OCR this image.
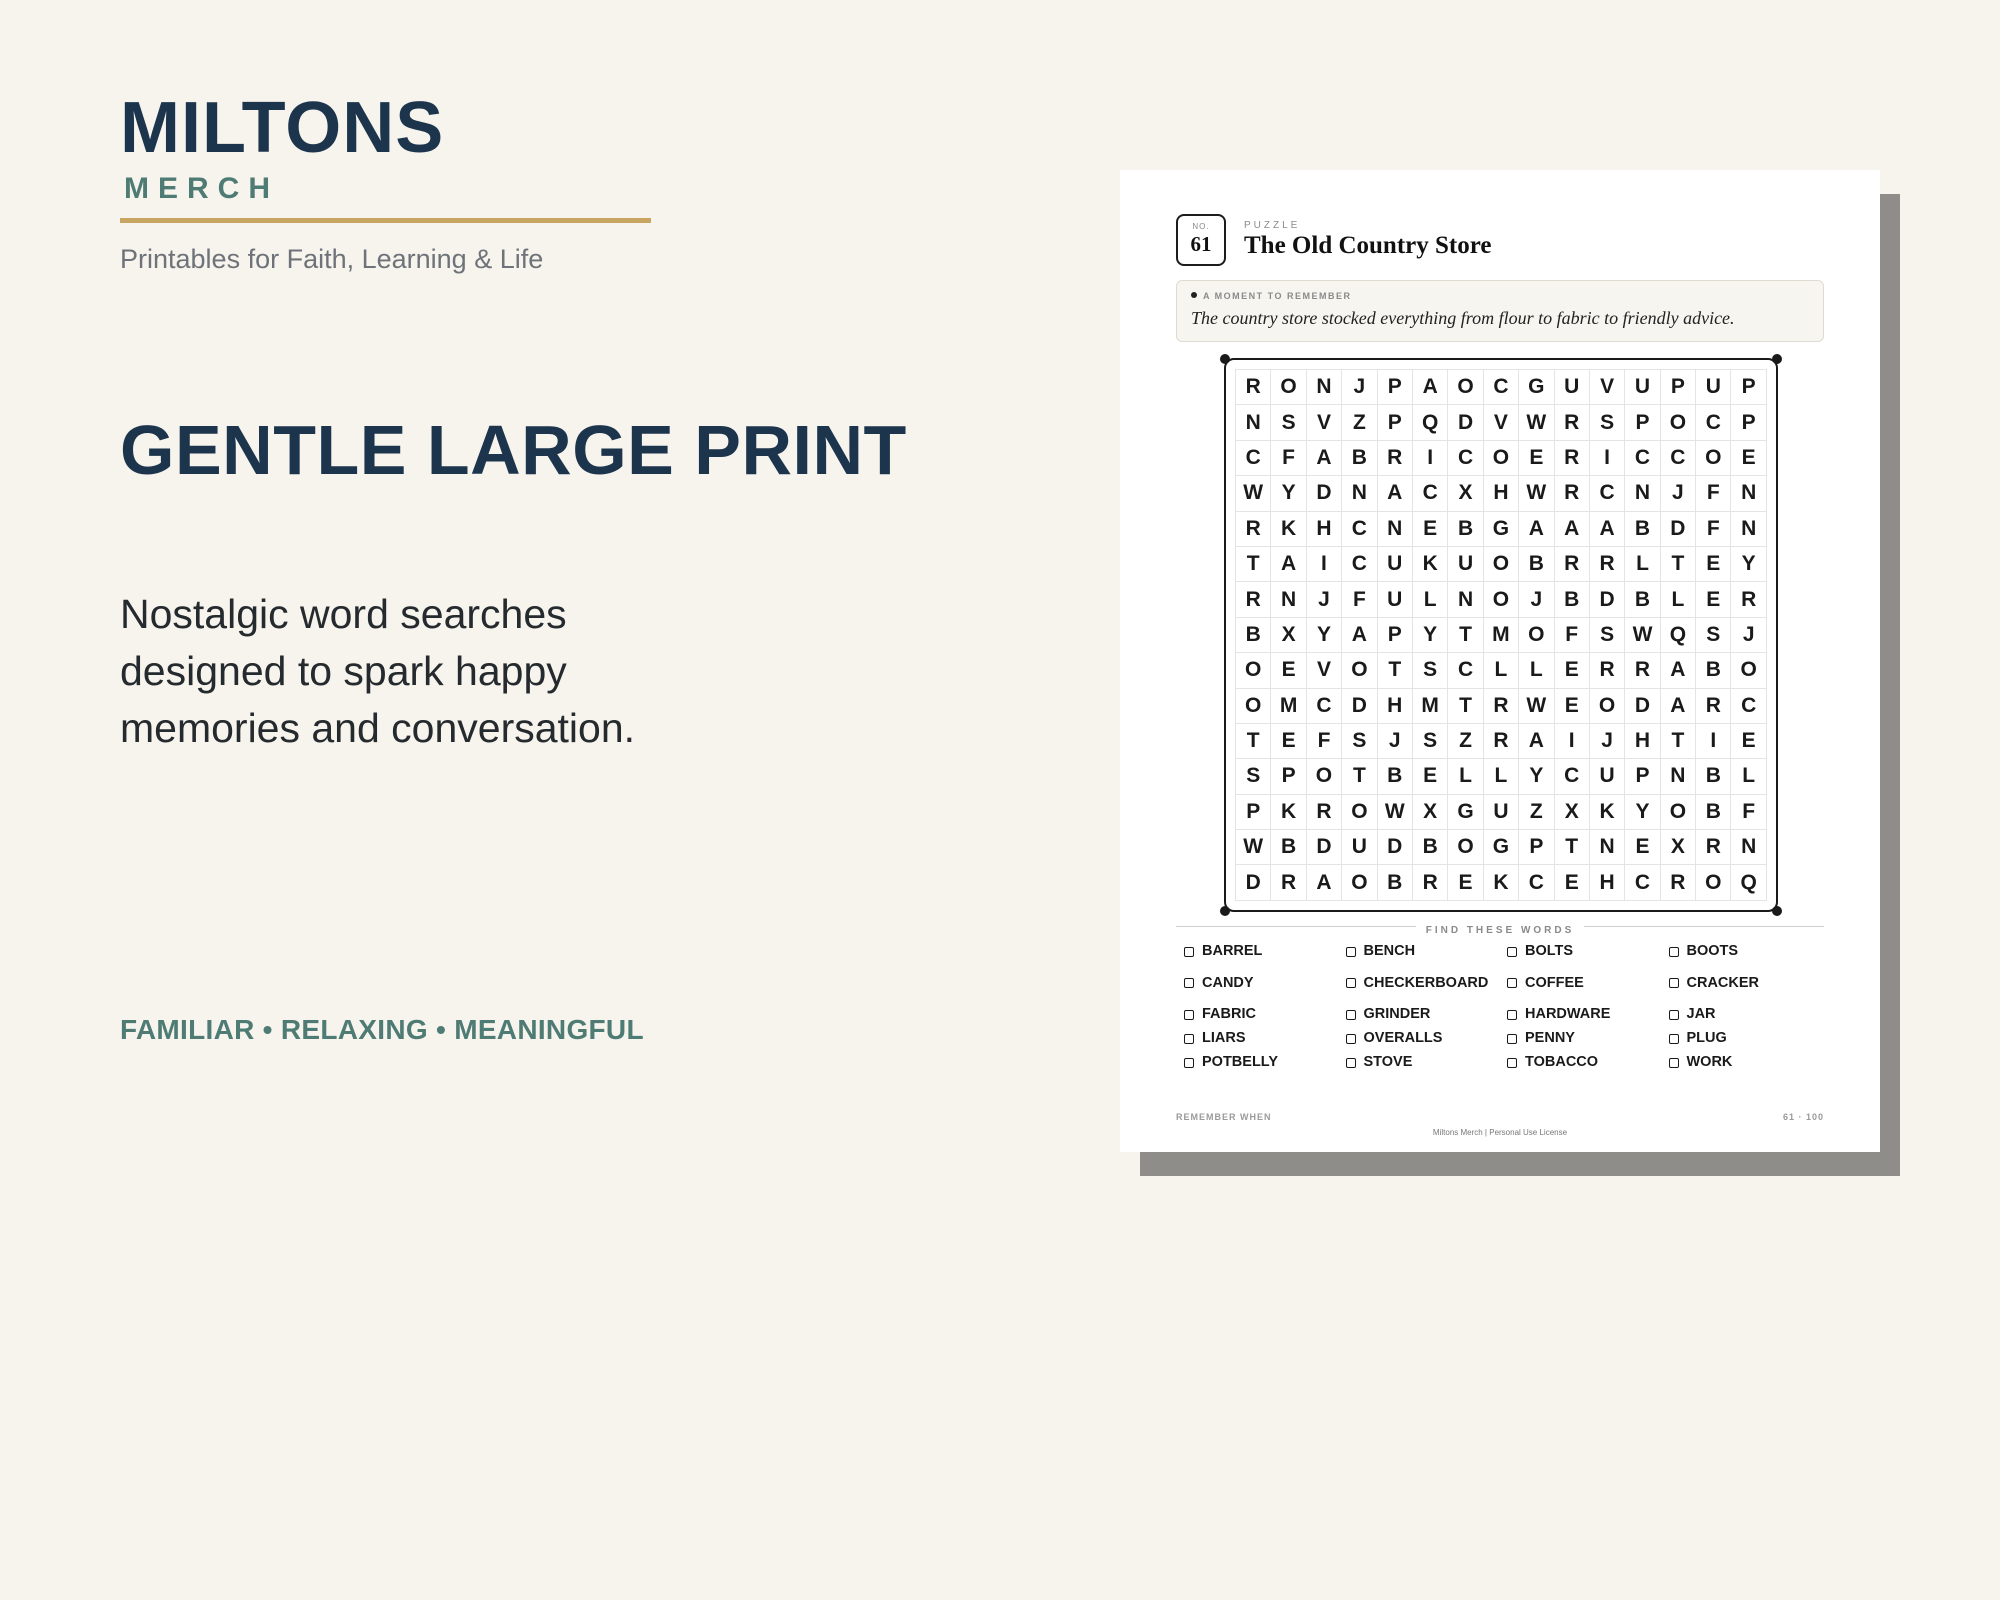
MILTONS
MERCH
Printables for Faith, Learning & Life
GENTLE LARGE PRINT
Nostalgic word searches
designed to spark happy
memories and conversation.
FAMILIAR • RELAXING • MEANINGFUL
NO.
61
PUZZLE
The Old Country Store
A MOMENT TO REMEMBER
The country store stocked everything from flour to fabric to friendly advice.
R O N	J	P A O C G U V U P U P
N S	V	Z	P Q D V W R S	P O C P
C	F	A B R	I	C O E R	I	C C O E
W Y D N A C X H W R C N	J	F	N
R K H C N E B G A A A B D	F	N
T	A	I	C U K U O B R R	L	T	E	Y
R N	J	F	U	L	N O	J	B D B	L	E R
B X	Y A P	Y	T M O F	S W Q S	J
O E	V O T	S C	L	L	E R R A B O
O M C D H M T	R W E O D A R C
T	E	F	S	J	S	Z	R A	I	J	H	T	I	E
S	P O T	B E	L	L	Y C U P N B	L
P K R O W X G U	Z	X K Y O B	F
W B D U D B O G P	T	N E	X R N
D R A O B R E K C E H C R O Q
FIND THESE WORDS
BARREL	BENCH	BOLTS	BOOTS
CANDY	CHECKERBOARD	COFFEE	CRACKER
FABRIC	GRINDER	HARDWARE	JAR
LIARS	OVERALLS	PENNY	PLUG
POTBELLY	STOVE	TOBACCO	WORK
REMEMBER WHEN	61 · 100
Miltons Merch | Personal Use License
